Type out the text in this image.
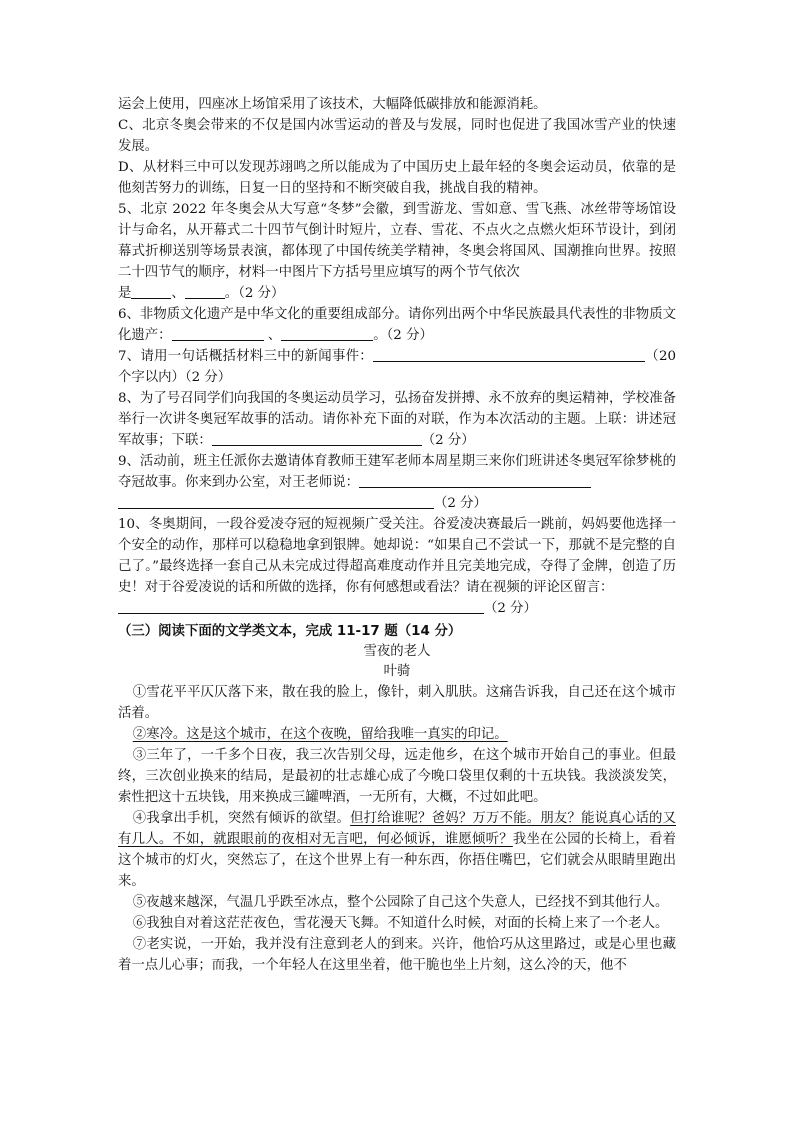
运会上使用，四座冰上场馆采用了该技术，大幅降低碳排放和能源消耗。

C、北京冬奥会带来的不仅是国内冰雪运动的普及与发展，同时也促进了我国冰雪产业的快速发展。

D、从材料三中可以发现苏翊鸣之所以能成为了中国历史上最年轻的冬奥会运动员，依靠的是他刻苦努力的训练，日复一日的坚持和不断突破自我，挑战自我的精神。

5、北京 2022 年冬奥会从大写意“冬梦”会徽，到雪游龙、雪如意、雪飞燕、冰丝带等场馆设计与命名，从开幕式二十四节气倒计时短片，立春、雪花、不点火之点燃火炬环节设计，到闭幕式折柳送别等场景表演，都体现了中国传统美学精神，冬奥会将国风、国潮推向世界。按照二十四节气的顺序，材料一中图片下方括号里应填写的两个节气依次
是	、	。（2 分）

6、非物质文化遗产是中华文化的重要组成部分。请你列出两个中华民族最具代表性的非物质文化遗产：	、	。（2 分）

7、请用一句话概括材料三中的新闻事件：	（20个字以内）（2 分）

8、为了号召同学们向我国的冬奥运动员学习，弘扬奋发拼搏、永不放弃的奥运精神，学校准备举行一次讲冬奥冠军故事的活动。请你补充下面的对联，作为本次活动的主题。上联：讲述冠军故事；下联：	（2 分）

9、活动前，班主任派你去邀请体育教师王建军老师本周星期三来你们班讲述冬奥冠军徐梦桃的夺冠故事。你来到办公室，对王老师说：
（2 分）

10、冬奥期间，一段谷爱凌夺冠的短视频广受关注。谷爱凌决赛最后一跳前，妈妈要他选择一个安全的动作，那样可以稳稳地拿到银牌。她却说：“如果自己不尝试一下，那就不是完整的自己了。”最终选择一套自己从未完成过得超高难度动作并且完美地完成，夺得了金牌，创造了历史！对于谷爱凌说的话和所做的选择，你有何感想或看法？请在视频的评论区留言：
（2 分）

（三）阅读下面的文学类文本，完成 11-17 题（14 分）

雪夜的老人

叶骑

①雪花平平仄仄落下来，散在我的脸上，像针，刺入肌肤。这痛告诉我，自己还在这个城市活着。

②寒冷。这是这个城市，在这个夜晚，留给我唯一真实的印记。

③三年了，一千多个日夜，我三次告别父母，远走他乡，在这个城市开始自己的事业。但最终，三次创业换来的结局，是最初的壮志雄心成了今晚口袋里仅剩的十五块钱。我淡淡发笑，索性把这十五块钱，用来换成三罐啤酒，一无所有，大概，不过如此吧。

④我拿出手机，突然有倾诉的欲望。但打给谁呢？爸妈？万万不能。朋友？能说真心话的又有几人。不如，就跟眼前的夜相对无言吧，何必倾诉，谁愿倾听？我坐在公园的长椅上，看着这个城市的灯火，突然忘了，在这个世界上有一种东西，你捂住嘴巴，它们就会从眼睛里跑出来。

⑤夜越来越深，气温几乎跌至冰点，整个公园除了自己这个失意人，已经找不到其他行人。

⑥我独自对着这茫茫夜色，雪花漫天飞舞。不知道什么时候，对面的长椅上来了一个老人。

⑦老实说，一开始，我并没有注意到老人的到来。兴许，他恰巧从这里路过，或是心里也藏着一点儿心事；而我，一个年轻人在这里坐着，他干脆也坐上片刻，这么冷的天，他不
